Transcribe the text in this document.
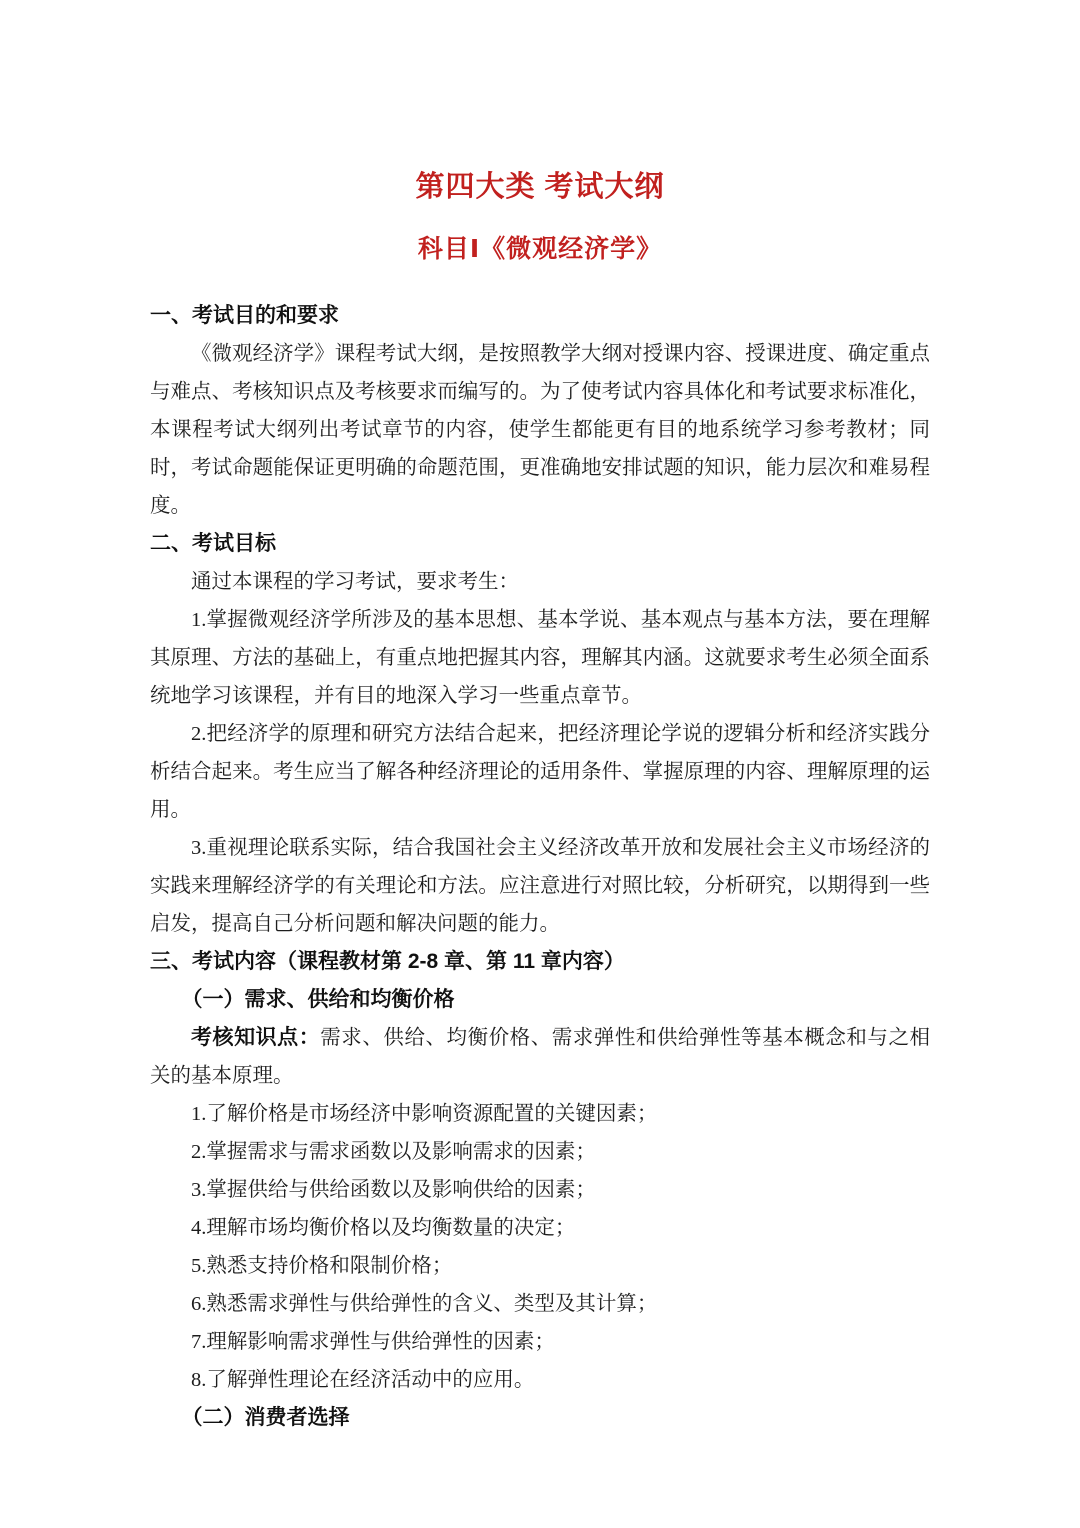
第四大类 考试大纲
科目Ⅰ《微观经济学》

一、考试目的和要求

《微观经济学》课程考试大纲，是按照教学大纲对授课内容、授课进度、确定重点与难点、考核知识点及考核要求而编写的。为了使考试内容具体化和考试要求标准化，本课程考试大纲列出考试章节的内容，使学生都能更有目的地系统学习参考教材；同时，考试命题能保证更明确的命题范围，更准确地安排试题的知识，能力层次和难易程度。

二、考试目标

通过本课程的学习考试，要求考生：

1.掌握微观经济学所涉及的基本思想、基本学说、基本观点与基本方法，要在理解其原理、方法的基础上，有重点地把握其内容，理解其内涵。这就要求考生必须全面系统地学习该课程，并有目的地深入学习一些重点章节。

2.把经济学的原理和研究方法结合起来，把经济理论学说的逻辑分析和经济实践分析结合起来。考生应当了解各种经济理论的适用条件、掌握原理的内容、理解原理的运用。

3.重视理论联系实际，结合我国社会主义经济改革开放和发展社会主义市场经济的实践来理解经济学的有关理论和方法。应注意进行对照比较，分析研究，以期得到一些启发，提高自己分析问题和解决问题的能力。

三、考试内容（课程教材第 2-8 章、第 11 章内容）

（一）需求、供给和均衡价格

考核知识点：需求、供给、均衡价格、需求弹性和供给弹性等基本概念和与之相关的基本原理。

1.了解价格是市场经济中影响资源配置的关键因素；

2.掌握需求与需求函数以及影响需求的因素；

3.掌握供给与供给函数以及影响供给的因素；

4.理解市场均衡价格以及均衡数量的决定；

5.熟悉支持价格和限制价格；

6.熟悉需求弹性与供给弹性的含义、类型及其计算；

7.理解影响需求弹性与供给弹性的因素；

8.了解弹性理论在经济活动中的应用。

（二）消费者选择
